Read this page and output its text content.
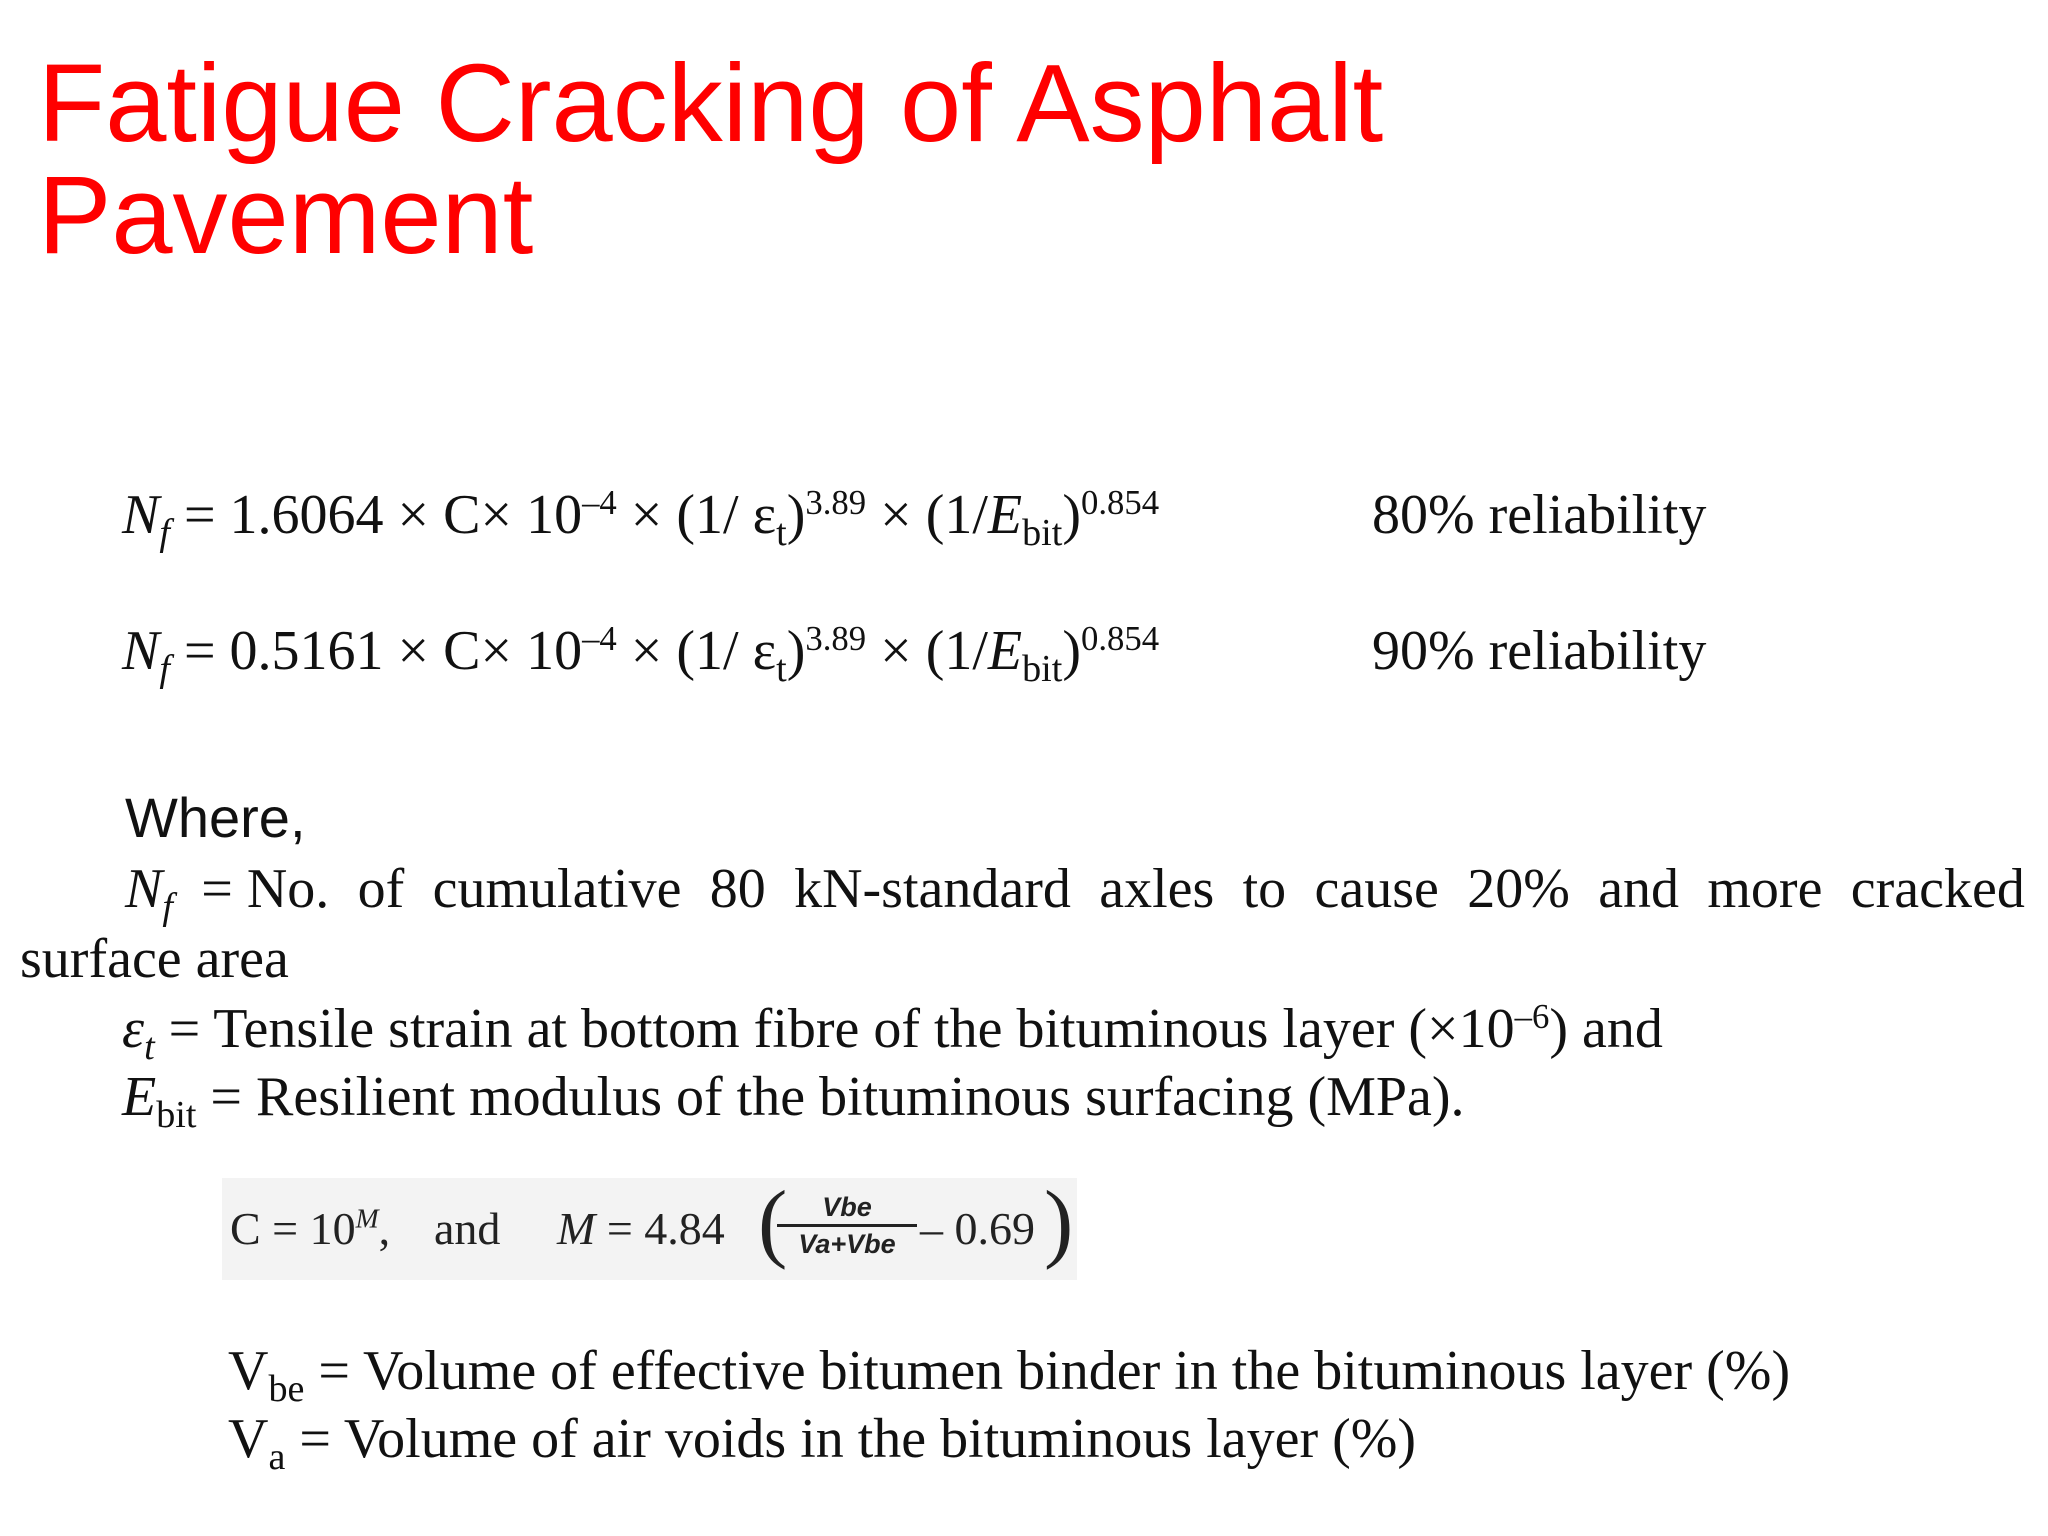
Fatigue Cracking of Asphalt
Pavement
$N_f = 1.6064 \times C\times 10^{-4} \times (1/$ $\varepsilon_t)^{3.89} \times (1/E_{bit})^{0.854}$	80% reliability
$N_f = 0.5161 \times C\times 10^{-4} \times (1/$ $\varepsilon_t)^{3.89} \times (1/E_{bit})^{0.854}$	90% reliability
Where,
$N_f = No$. of cumulative 80 kN-standard axles to cause 20% and more cracked
surface area
$\varepsilon_t$ = Tensile strain at bottom fibre of the bituminous layer $(\times 10^{-6})$ and
$E_{bit}$ = Resilient modulus of the bituminous surfacing (MPa).
$C = 10^M$, and M = 4.84 (	Vbe
Va+Vbe – 0.69 )
$V_{be}$ = Volume of effective bitumen binder in the bituminous layer (%)
$V_a$ = Volume of air voids in the bituminous layer (%)
